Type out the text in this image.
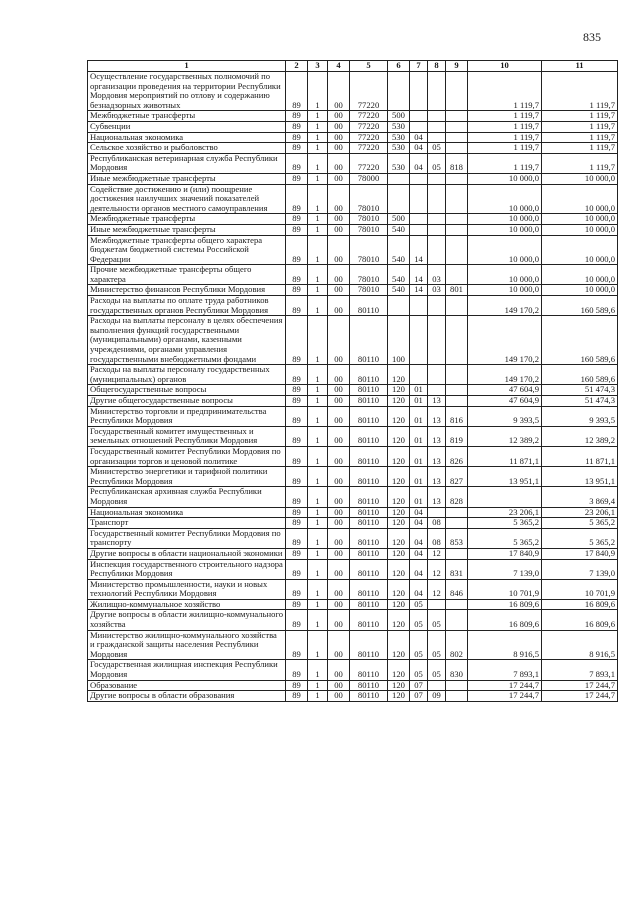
835
1	2	3	4	5	6	7	8	9	10	11
Осуществление государственных полномочий по организации проведения на территории Республики Мордовия мероприятий по отлову и содержанию безнадзорных животных	89	1	00	77220					1 119,7	1 119,7
Межбюджетные трансферты	89	1	00	77220	500				1 119,7	1 119,7
Субвенции	89	1	00	77220	530				1 119,7	1 119,7
Национальная экономика	89	1	00	77220	530	04			1 119,7	1 119,7
Сельское хозяйство и рыболовство	89	1	00	77220	530	04	05		1 119,7	1 119,7
Республиканская ветеринарная служба Республики Мордовия	89	1	00	77220	530	04	05	818	1 119,7	1 119,7
Иные межбюджетные трансферты	89	1	00	78000					10 000,0	10 000,0
Содействие достижению и (или) поощрение достижения наилучших значений показателей деятельности органов местного самоуправления	89	1	00	78010					10 000,0	10 000,0
Межбюджетные трансферты	89	1	00	78010	500				10 000,0	10 000,0
Иные межбюджетные трансферты	89	1	00	78010	540				10 000,0	10 000,0
Межбюджетные трансферты общего характера бюджетам бюджетной системы Российской Федерации	89	1	00	78010	540	14			10 000,0	10 000,0
Прочие межбюджетные трансферты общего характера	89	1	00	78010	540	14	03		10 000,0	10 000,0
Министерство финансов Республики Мордовия	89	1	00	78010	540	14	03	801	10 000,0	10 000,0
Расходы на выплаты по оплате труда работников государственных органов Республики Мордовия	89	1	00	80110					149 170,2	160 589,6
Расходы на выплаты персоналу в целях обеспечения выполнения функций государственными (муниципальными) органами, казенными учреждениями, органами управления государственными внебюджетными фондами	89	1	00	80110	100				149 170,2	160 589,6
Расходы на выплаты персоналу государственных (муниципальных) органов	89	1	00	80110	120				149 170,2	160 589,6
Общегосударственные вопросы	89	1	00	80110	120	01			47 604,9	51 474,3
Другие общегосударственные вопросы	89	1	00	80110	120	01	13		47 604,9	51 474,3
Министерство торговли и предпринимательства Республики Мордовия	89	1	00	80110	120	01	13	816	9 393,5	9 393,5
Государственный комитет имущественных и земельных отношений Республики Мордовия	89	1	00	80110	120	01	13	819	12 389,2	12 389,2
Государственный комитет Республики Мордовия по организации торгов и ценовой политике	89	1	00	80110	120	01	13	826	11 871,1	11 871,1
Министерство энергетики и тарифной политики Республики Мордовия	89	1	00	80110	120	01	13	827	13 951,1	13 951,1
Республиканская архивная служба Республики Мордовия	89	1	00	80110	120	01	13	828		3 869,4
Национальная экономика	89	1	00	80110	120	04			23 206,1	23 206,1
Транспорт	89	1	00	80110	120	04	08		5 365,2	5 365,2
Государственный комитет Республики Мордовия по транспорту	89	1	00	80110	120	04	08	853	5 365,2	5 365,2
Другие вопросы в области национальной экономики	89	1	00	80110	120	04	12		17 840,9	17 840,9
Инспекция государственного строительного надзора Республики Мордовия	89	1	00	80110	120	04	12	831	7 139,0	7 139,0
Министерство промышленности, науки и новых технологий Республики Мордовия	89	1	00	80110	120	04	12	846	10 701,9	10 701,9
Жилищно-коммунальное хозяйство	89	1	00	80110	120	05			16 809,6	16 809,6
Другие вопросы в области жилищно-коммунального хозяйства	89	1	00	80110	120	05	05		16 809,6	16 809,6
Министерство жилищно-коммунального хозяйства и гражданской защиты населения Республики Мордовия	89	1	00	80110	120	05	05	802	8 916,5	8 916,5
Государственная жилищная инспекция Республики Мордовия	89	1	00	80110	120	05	05	830	7 893,1	7 893,1
Образование	89	1	00	80110	120	07			17 244,7	17 244,7
Другие вопросы в области образования	89	1	00	80110	120	07	09		17 244,7	17 244,7
